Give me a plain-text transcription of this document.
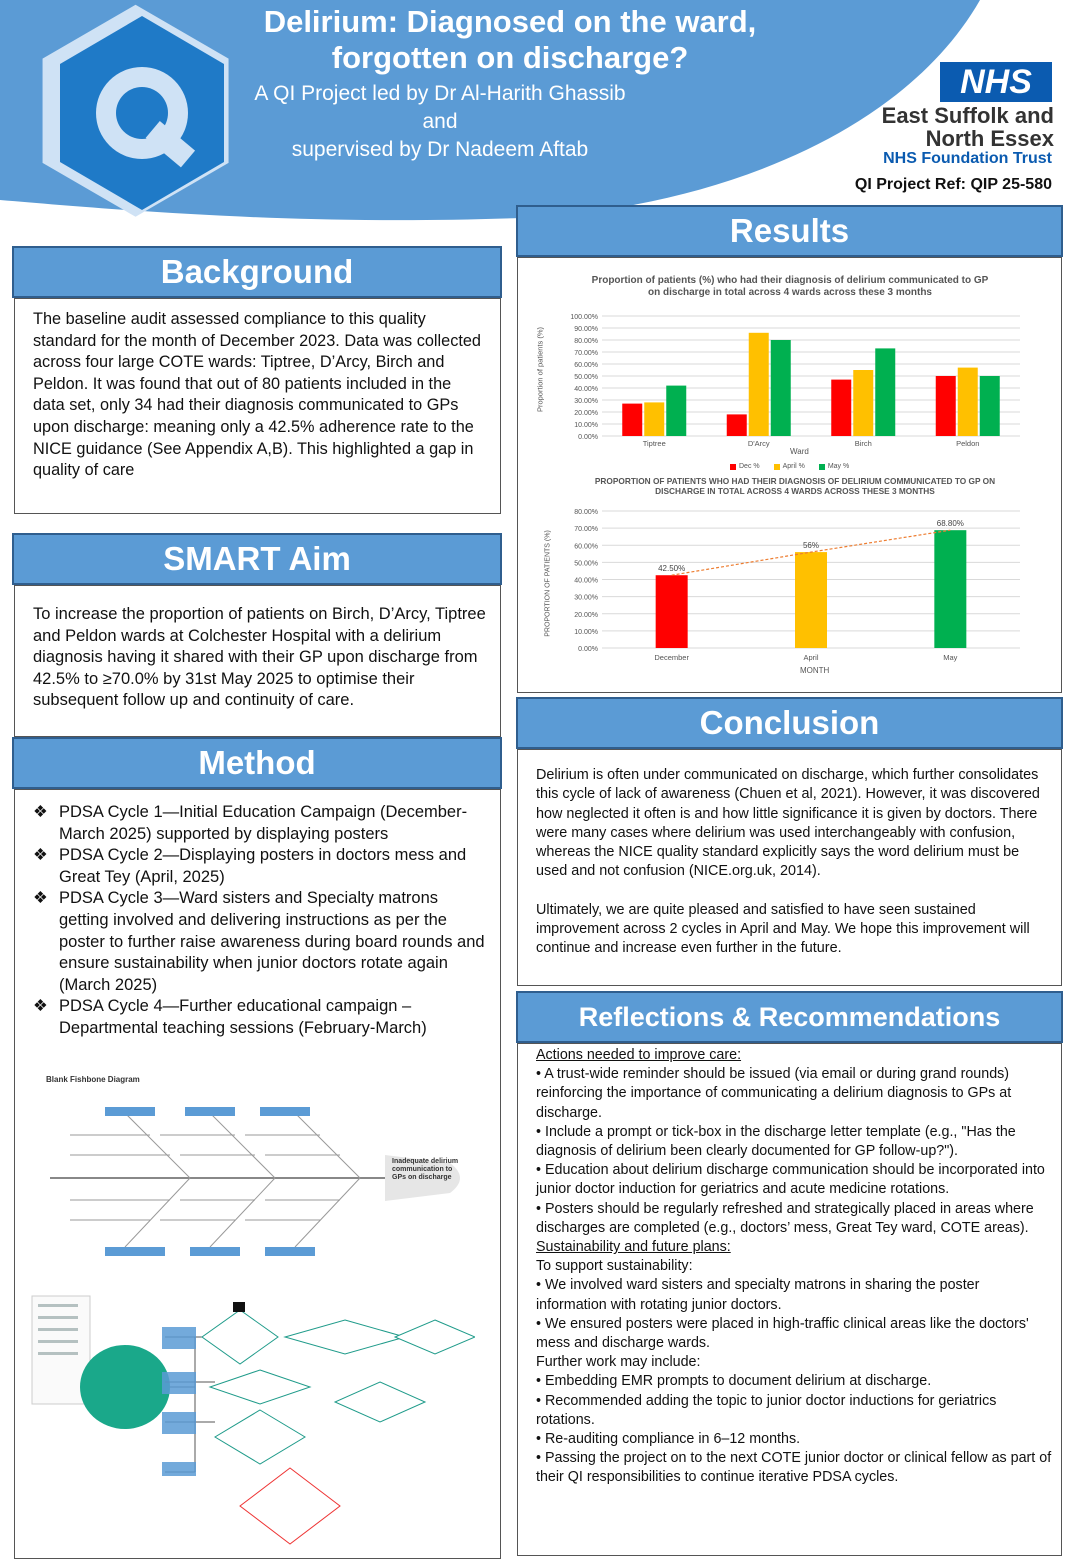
Delirium: Diagnosed on the ward,
forgotten on discharge?
A QI Project led by Dr Al-Harith Ghassib
and
supervised by Dr Nadeem Aftab
NHS
East Suffolk and
North Essex
NHS Foundation Trust
QI Project Ref: QIP 25-580
Background
The baseline audit assessed compliance to this quality standard for the month of December 2023. Data was collected across four large COTE wards: Tiptree, D’Arcy, Birch and Peldon. It was found that out of 80 patients included in the data set, only 34 had their diagnosis communicated to GPs upon discharge: meaning only a 42.5% adherence rate to the NICE guidance (See Appendix A,B). This highlighted a gap in quality of care
SMART Aim
To increase the proportion of patients on Birch, D’Arcy, Tiptree and Peldon wards at Colchester Hospital with a delirium diagnosis having it shared with their GP upon discharge from 42.5% to ≥70.0% by 31st May 2025 to optimise their subsequent follow up and continuity of care.
Method
❖ PDSA Cycle 1—Initial Education Campaign (December-March 2025) supported by displaying posters
❖ PDSA Cycle 2—Displaying posters in doctors mess and Great Tey (April, 2025)
❖ PDSA Cycle 3—Ward sisters and Specialty matrons getting involved and delivering instructions as per the poster to further raise awareness during board rounds and ensure sustainability when junior doctors rotate again (March 2025)
❖ PDSA Cycle 4—Further educational campaign – Departmental teaching sessions (February-March)
Blank Fishbone Diagram
Inadequate delirium communication to GPs on discharge
Results
Proportion of patients (%) who had their diagnosis of delirium communicated to GP on discharge in total across 4 wards across these 3 months
Proportion of patients (%)
0.00%
10.00%
20.00%
30.00%
40.00%
50.00%
60.00%
70.00%
80.00%
90.00%
100.00%
Tiptree	D'Arcy	Birch	Peldon
Ward
Dec %	April %	May %
PROPORTION OF PATIENTS WHO HAD THEIR DIAGNOSIS OF DELIRIUM COMMUNICATED TO GP ON DISCHARGE IN TOTAL ACROSS 4 WARDS ACROSS THESE 3 MONTHS
PROPORTION OF PATIENTS (%)
0.00%
10.00%
20.00%
30.00%
40.00%
50.00%
60.00%
70.00%
80.00%
42.50%
December
56%
April
68.80%
May
MONTH
Conclusion
Delirium is often under communicated on discharge, which further consolidates this cycle of lack of awareness (Chuen et al, 2021). However, it was discovered how neglected it often is and how little significance it is given by doctors. There were many cases where delirium was used interchangeably with confusion, whereas the NICE quality standard explicitly says the word delirium must be used and not confusion (NICE.org.uk, 2014).
Ultimately, we are quite pleased and satisfied to have seen sustained improvement across 2 cycles in April and May. We hope this improvement will continue and increase even further in the future.
Reflections & Recommendations
Actions needed to improve care:
• A trust-wide reminder should be issued (via email or during grand rounds) reinforcing the importance of communicating a delirium diagnosis to GPs at discharge.
• Include a prompt or tick-box in the discharge letter template (e.g., "Has the diagnosis of delirium been clearly documented for GP follow-up?").
• Education about delirium discharge communication should be incorporated into junior doctor induction for geriatrics and acute medicine rotations.
• Posters should be regularly refreshed and strategically placed in areas where discharges are completed (e.g., doctors’ mess, Great Tey ward, COTE areas).
Sustainability and future plans:
To support sustainability:
• We involved ward sisters and specialty matrons in sharing the poster information with rotating junior doctors.
• We ensured posters were placed in high-traffic clinical areas like the doctors' mess and discharge wards.
Further work may include:
• Embedding EMR prompts to document delirium at discharge.
• Recommended adding the topic to junior doctor inductions for geriatrics rotations.
• Re-auditing compliance in 6–12 months.
• Passing the project on to the next COTE junior doctor or clinical fellow as part of their QI responsibilities to continue iterative PDSA cycles.
